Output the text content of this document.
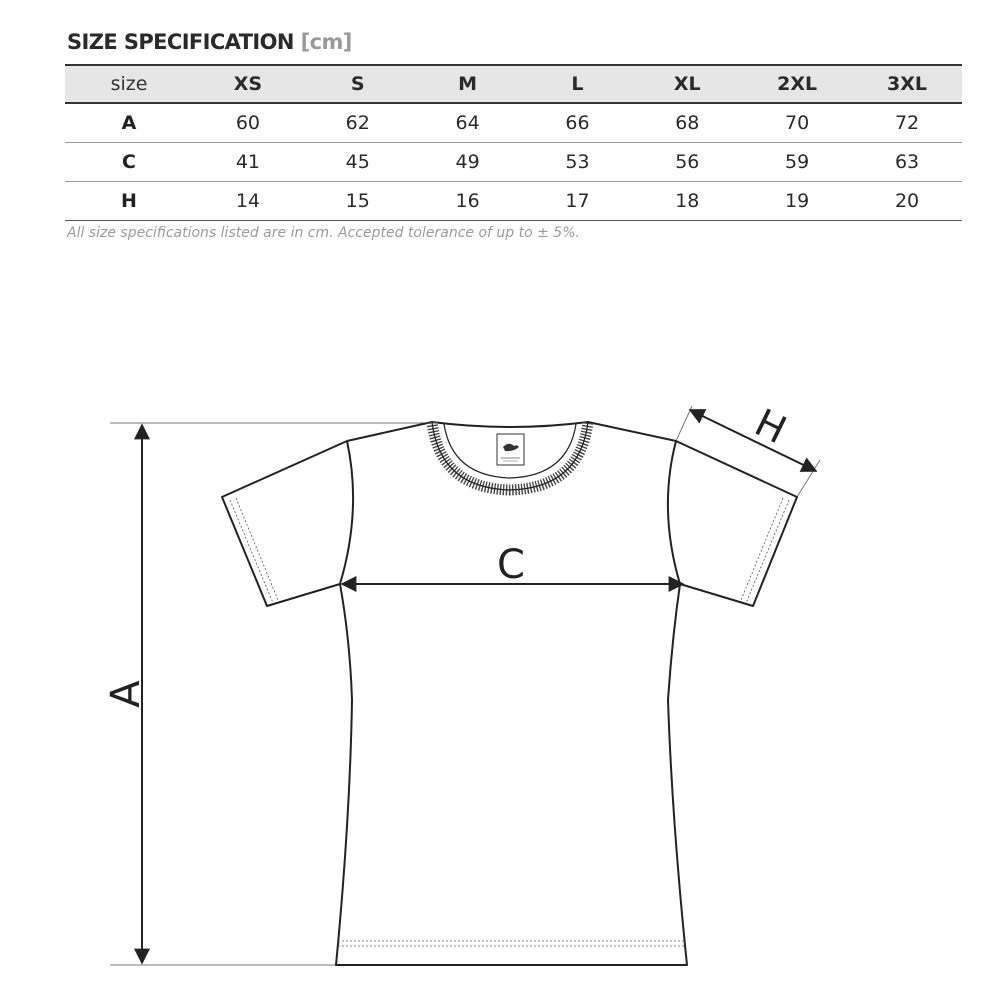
SIZE SPECIFICATION [cm]
size	XS	S	M	L	XL	2XL	3XL
A	60	62	64	66	68	70	72
C	41	45	49	53	56	59	63
H	14	15	16	17	18	19	20

All size specifications listed are in cm. Accepted tolerance of up to ± 5%.

A
C
H
